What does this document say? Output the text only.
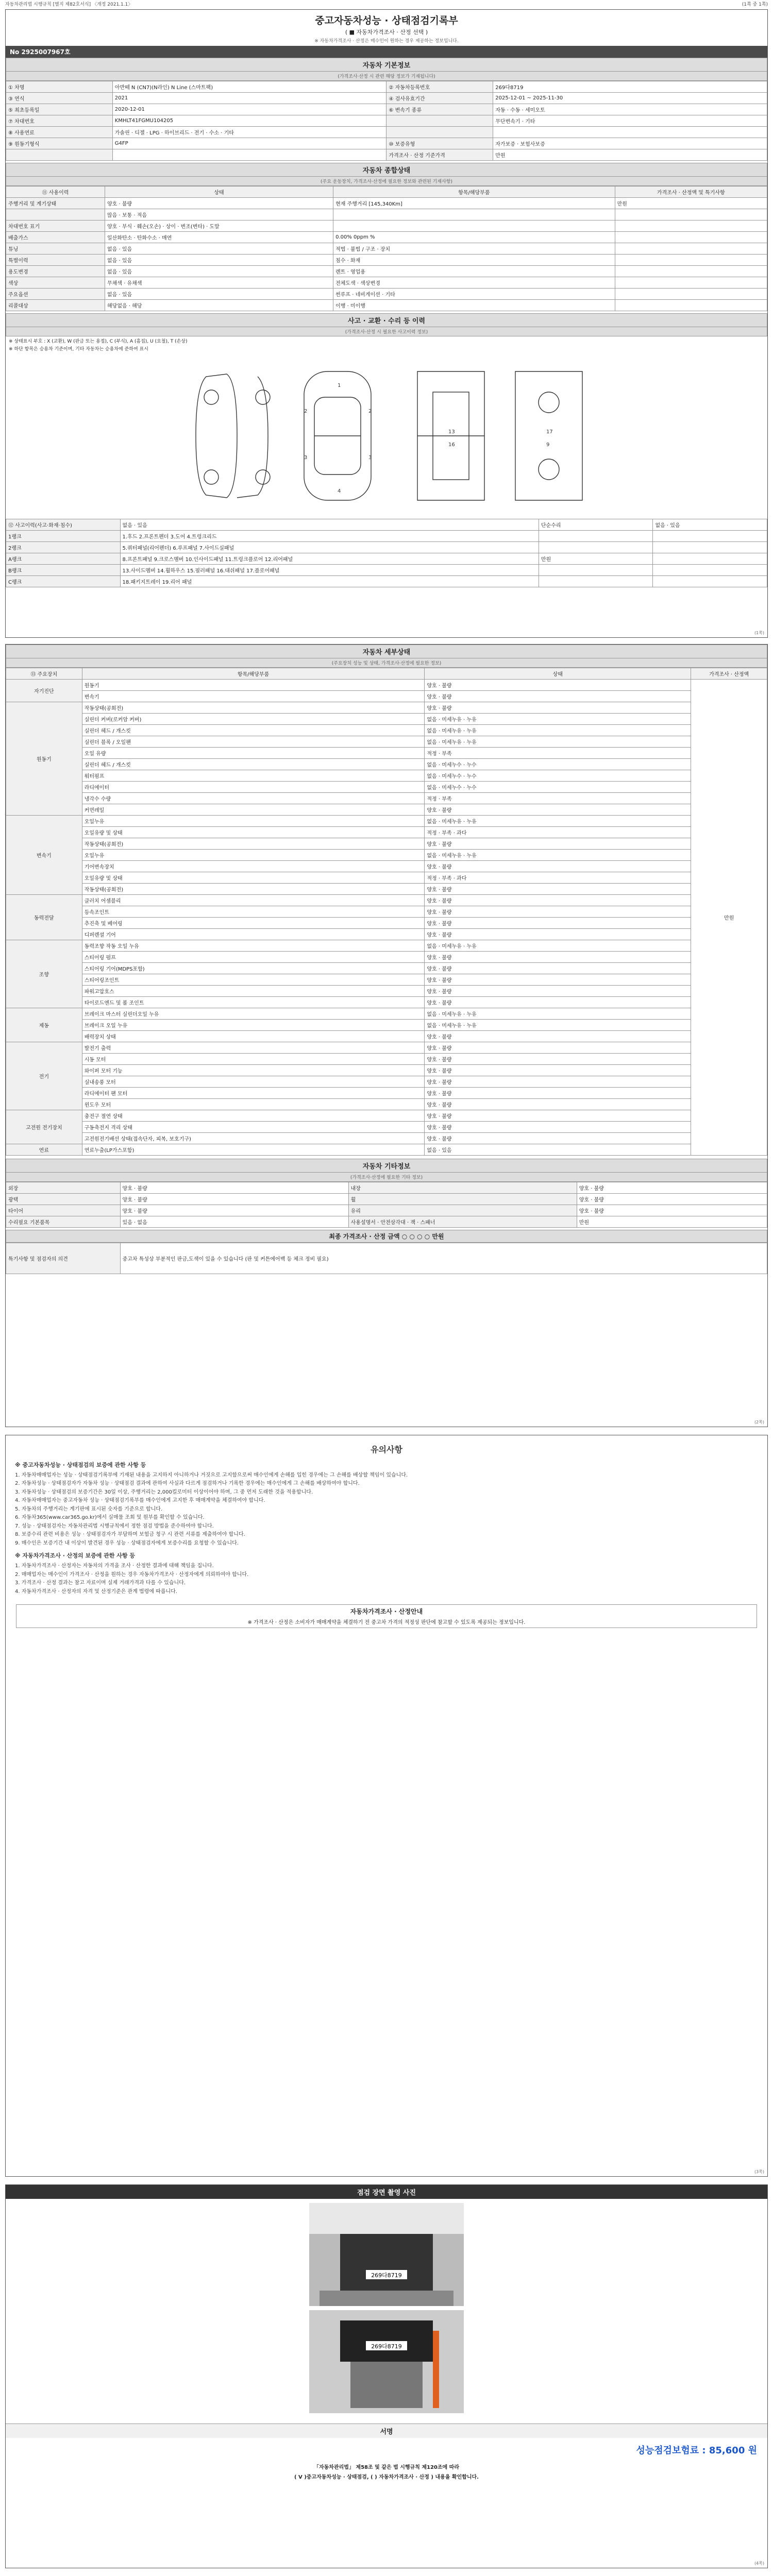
자동차관리법 시행규칙 [별지 제82호서식] 〈개정 2021.1.1〉	(1쪽 중 1쪽)
중고자동차성능 · 상태점검기록부
( ■ 자동차가격조사 · 산정 선택 )
※ 자동차가격조사 · 산정은 매수인이 원하는 경우 제공하는 정보입니다.
No 2925007967호
자동차 기본정보
(가격조사·산정 시 관련 해당 정보가 기재됩니다)
① 차명	아반떼 N (CN7)(N라인) N Line (스마트팩)	② 자동차등록번호	269다8719
③ 연식	2021	④ 검사유효기간	2025-12-01 ~ 2025-11-30
⑤ 최초등록일	2020-12-01	⑥ 변속기 종류	자동 · 수동 · 세미오토
⑦ 차대번호	KMHLT41FGMU104205		무단변속기 · 기타
⑧ 사용연료	가솔린 · 디젤 · LPG · 하이브리드 · 전기 · 수소 · 기타		
⑨ 원동기형식	G4FP	⑩ 보증유형	자가보증 · 보험사보증
		가격조사 · 산정 기준가격	만원
자동차 종합상태
(주요 운동장치, 가격조사·산정에 필요한 정보와 관련된 기재사항)
⑪ 사용이력	상태	항목/해당부품	가격조사 · 산정액 및 특기사항
주행거리 및 계기상태	양호 · 불량	현재 주행거리 [145,340Km]	만원
	많음 · 보통 · 적음		
차대번호 표기	양호 · 부식 · 훼손(오손) · 상이 · 변조(변타) · 도말		
배출가스	일산화탄소 · 탄화수소 · 매연	0.00% 0ppm %	
튜닝	없음 · 있음	적법 · 불법 / 구조 · 장치	
특별이력	없음 · 있음	침수 · 화재	
용도변경	없음 · 있음	렌트 · 영업용	
색상	무채색 · 유채색	전체도색 · 색상변경	
주요옵션	없음 · 있음	썬루프 · 네비게이션 · 기타	
리콜대상	해당없음 · 해당	이행 · 미이행	
사고 · 교환 · 수리 등 이력
(가격조사·산정 시 필요한 사고이력 정보)
※ 상태표시 부호 : X (교환), W (판금 또는 용접), C (부식), A (흠집), U (요철), T (손상)
※ 하단 항목은 승용차 기준이며, 기타 자동차는 승용차에 준하여 표시
1
4
2	2
3	3
13
16
17
9
⑫ 사고이력(사고·화재·침수)	없음 · 있음	단순수리	없음 · 있음
1랭크	1.후드 2.프론트펜더 3.도어 4.트렁크리드		
2랭크	5.쿼터패널(리어펜더) 6.루프패널 7.사이드실패널		
A랭크	8.프론트패널 9.크로스멤버 10.인사이드패널 11.트렁크플로어 12.리어패널	만원	
B랭크	13.사이드멤버 14.휠하우스 15.필러패널 16.대쉬패널 17.플로어패널		
C랭크	18.패키지트레이 19.리어 패널		
(1쪽)
자동차 세부상태
(주요장치 성능 및 상태, 가격조사·산정에 필요한 정보)
⑬ 주요장치	항목/해당부품	상태	가격조사 · 산정액
자기진단	원동기	양호 · 불량	만원
	변속기	양호 · 불량	
원동기	작동상태(공회전)	양호 · 불량	
	실린더 커버(로커암 커버)	없음 · 미세누유 · 누유	
	실린더 헤드 / 개스킷	없음 · 미세누유 · 누유	
	실린더 블록 / 오일팬	없음 · 미세누유 · 누유	
	오일 유량	적정 · 부족	
	실린더 헤드 / 개스킷	없음 · 미세누수 · 누수	
	워터펌프	없음 · 미세누수 · 누수	
	라디에이터	없음 · 미세누수 · 누수	
	냉각수 수량	적정 · 부족	
	커먼레일	양호 · 불량	
변속기	오일누유	없음 · 미세누유 · 누유	
	오일유량 및 상태	적정 · 부족 · 과다	
	작동상태(공회전)	양호 · 불량	
	오일누유	없음 · 미세누유 · 누유	
	기어변속장치	양호 · 불량	
	오일유량 및 상태	적정 · 부족 · 과다	
	작동상태(공회전)	양호 · 불량	
동력전달	클러치 어셈블리	양호 · 불량	
	등속조인트	양호 · 불량	
	추진축 및 베어링	양호 · 불량	
	디퍼렌셜 기어	양호 · 불량	
조향	동력조향 작동 오일 누유	없음 · 미세누유 · 누유	
	스티어링 펌프	양호 · 불량	
	스티어링 기어(MDPS포함)	양호 · 불량	
	스티어링조인트	양호 · 불량	
	파워고압호스	양호 · 불량	
	타이로드엔드 및 볼 조인트	양호 · 불량	
제동	브레이크 마스터 실린더오일 누유	없음 · 미세누유 · 누유	
	브레이크 오일 누유	없음 · 미세누유 · 누유	
	배력장치 상태	양호 · 불량	
전기	발전기 출력	양호 · 불량	
	시동 모터	양호 · 불량	
	와이퍼 모터 기능	양호 · 불량	
	실내송풍 모터	양호 · 불량	
	라디에이터 팬 모터	양호 · 불량	
	윈도우 모터	양호 · 불량	
고전원 전기장치	충전구 절연 상태	양호 · 불량	
	구동축전지 격리 상태	양호 · 불량	
	고전원전기배선 상태(접속단자, 피복, 보호기구)	양호 · 불량	
연료	연료누출(LP가스포함)	없음 · 있음	
자동차 기타정보
(가격조사·산정에 필요한 기타 정보)
외장	양호 · 불량	내장	양호 · 불량
광택	양호 · 불량	휠	양호 · 불량
타이어	양호 · 불량	유리	양호 · 불량
수리필요 기본품목	있음 · 없음	사용설명서 · 안전삼각대 · 잭 · 스패너	만원
최종 가격조사 · 산정 금액 ○ ○ ○ ○ 만원
특기사항 및 점검자의 의견	중고차 특성상 부분적인 판금,도색이 있을 수 있습니다 (판 및 커튼에어백 등 체크 정비 필요)
(2쪽)
유의사항
※ 중고자동차성능 · 상태점검의 보증에 관한 사항 등

1. 자동차매매업자는 성능 · 상태점검기록부에 기재된 내용을 고지하지 아니하거나 거짓으로 고지함으로써 매수인에게 손해를 입힌 경우에는 그 손해를 배상할 책임이 있습니다.

2. 자동차성능 · 상태점검자가 자동차 성능 · 상태점검 결과에 관하여 사실과 다르게 점검하거나 기록한 경우에는 매수인에게 그 손해를 배상하여야 합니다.

3. 자동차성능 · 상태점검의 보증기간은 30일 이상, 주행거리는 2,000킬로미터 이상이어야 하며, 그 중 먼저 도래한 것을 적용합니다.

4. 자동차매매업자는 중고자동차 성능 · 상태점검기록부를 매수인에게 고지한 후 매매계약을 체결하여야 합니다.

5. 자동차의 주행거리는 계기판에 표시된 숫자를 기준으로 합니다.

6. 자동차365(www.car365.go.kr)에서 실매물 조회 및 원부를 확인할 수 있습니다.

7. 성능 · 상태점검자는 자동차관리법 시행규칙에서 정한 점검 방법을 준수하여야 합니다.

8. 보증수리 관련 비용은 성능 · 상태점검자가 부담하며 보험금 청구 시 관련 서류를 제출하여야 합니다.

9. 매수인은 보증기간 내 이상이 발견된 경우 성능 · 상태점검자에게 보증수리를 요청할 수 있습니다.

※ 자동차가격조사 · 산정의 보증에 관한 사항 등

1. 자동차가격조사 · 산정자는 자동차의 가격을 조사 · 산정한 결과에 대해 책임을 집니다.

2. 매매업자는 매수인이 가격조사 · 산정을 원하는 경우 자동차가격조사 · 산정자에게 의뢰하여야 합니다.

3. 가격조사 · 산정 결과는 참고 자료이며 실제 거래가격과 다를 수 있습니다.

4. 자동차가격조사 · 산정자의 자격 및 산정기준은 관계 법령에 따릅니다.

자동차가격조사 · 산정안내
※ 가격조사 · 산정은 소비자가 매매계약을 체결하기 전 중고차 가격의 적정성 판단에 참고할 수 있도록 제공되는 정보입니다.
(3쪽)
점검 장면 촬영 사진
269다8719
269다8719
서명
성능점검보험료 : 85,600 원
「자동차관리법」 제58조 및 같은 법 시행규칙 제120조에 따라
( V )중고자동차성능 · 상태점검, ( ) 자동차가격조사 · 산정 ) 내용을 확인합니다.
(4쪽)
